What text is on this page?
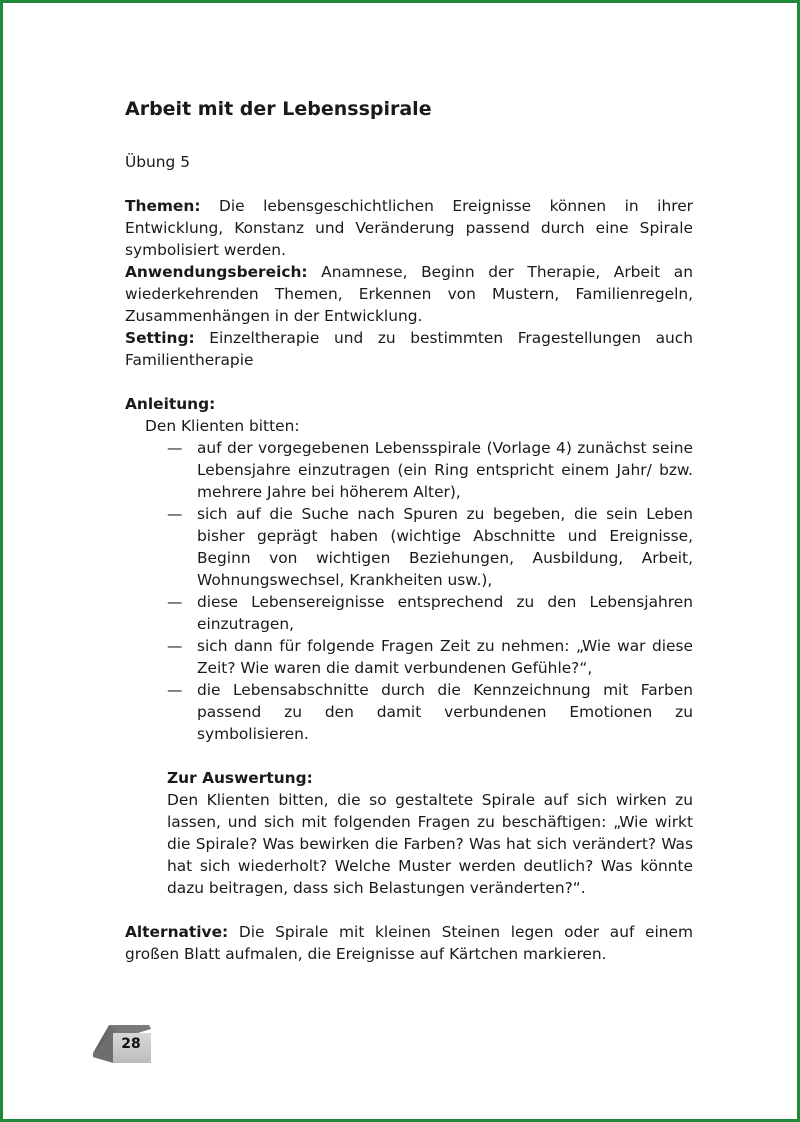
Arbeit mit der Lebensspirale

Übung 5

Themen: Die lebensgeschichtlichen Ereignisse können in ihrer Entwicklung, Konstanz und Veränderung passend durch eine Spirale symbolisiert werden.

Anwendungsbereich: Anamnese, Beginn der Therapie, Arbeit an wiederkehrenden Themen, Erkennen von Mustern, Familienregeln, Zusammenhängen in der Entwicklung.

Setting: Einzeltherapie und zu bestimmten Fragestellungen auch Familientherapie

Anleitung:

Den Klienten bitten:

— auf der vorgegebenen Lebensspirale (Vorlage 4) zunächst seine Lebensjahre einzutragen (ein Ring entspricht einem Jahr/ bzw. mehrere Jahre bei höherem Alter),
— sich auf die Suche nach Spuren zu begeben, die sein Leben bisher geprägt haben (wichtige Abschnitte und Ereignisse, Beginn von wichtigen Beziehungen, Ausbildung, Arbeit, Wohnungswechsel, Krankheiten usw.),
— diese Lebensereignisse entsprechend zu den Lebensjahren einzutragen,
— sich dann für folgende Fragen Zeit zu nehmen: „Wie war diese Zeit? Wie waren die damit verbundenen Gefühle?“,
— die Lebensabschnitte durch die Kennzeichnung mit Farben passend zu den damit verbundenen Emotionen zu symbolisieren.

Zur Auswertung:

Den Klienten bitten, die so gestaltete Spirale auf sich wirken zu lassen, und sich mit folgenden Fragen zu beschäftigen: „Wie wirkt die Spirale? Was bewirken die Farben? Was hat sich verändert? Was hat sich wiederholt? Welche Muster werden deutlich? Was könnte dazu beitragen, dass sich Belastungen veränderten?“.

Alternative: Die Spirale mit kleinen Steinen legen oder auf einem großen Blatt aufmalen, die Ereignisse auf Kärtchen markieren.

28
